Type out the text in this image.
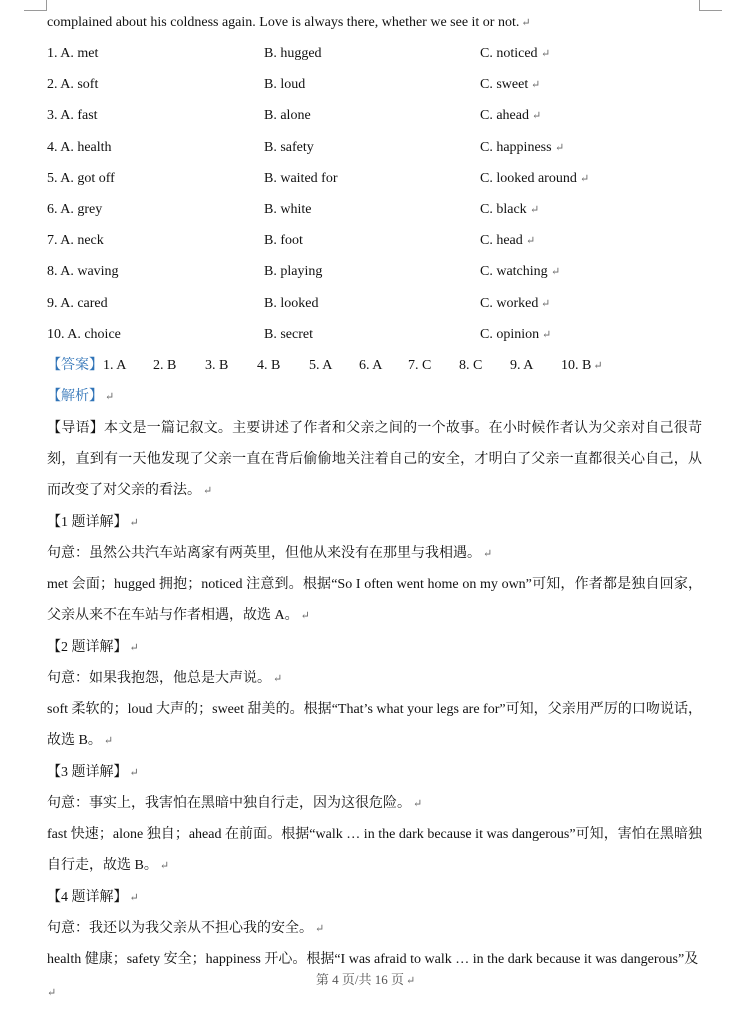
complained about his coldness again. Love is always there, whether we see it or not. ↵
1. A. met	B. hugged	C. noticed ↵
2. A. soft	B. loud	C. sweet ↵
3. A. fast	B. alone	C. ahead ↵
4. A. health	B. safety	C. happiness ↵
5. A. got off	B. waited for	C. looked around ↵
6. A. grey	B. white	C. black ↵
7. A. neck	B. foot	C. head ↵
8. A. waving	B. playing	C. watching ↵
9. A. cared	B. looked	C. worked ↵
10. A. choice	B. secret	C. opinion ↵
【答案】1. A 2. B 3. B 4. B 5. A 6. A 7. C 8. C 9. A 10. B ↵
【解析】 ↵
【导语】本文是一篇记叙文。主要讲述了作者和父亲之间的一个故事。在小时候作者认为父亲对自己很苛刻，直到有一天他发现了父亲一直在背后偷偷地关注着自己的安全，才明白了父亲一直都很关心自己，从而改变了对父亲的看法。 ↵
【1 题详解】 ↵
句意：虽然公共汽车站离家有两英里，但他从来没有在那里与我相遇。 ↵
met 会面；hugged 拥抱；noticed 注意到。根据“So I often went home on my own”可知，作者都是独自回家，父亲从来不在车站与作者相遇，故选 A。 ↵
【2 题详解】 ↵
句意：如果我抱怨，他总是大声说。 ↵
soft 柔软的；loud 大声的；sweet 甜美的。根据“That’s what your legs are for”可知，父亲用严厉的口吻说话，故选 B。 ↵
【3 题详解】 ↵
句意：事实上，我害怕在黑暗中独自行走，因为这很危险。 ↵
fast 快速；alone 独自；ahead 在前面。根据“walk … in the dark because it was dangerous”可知，害怕在黑暗独自行走，故选 B。 ↵
【4 题详解】 ↵
句意：我还以为我父亲从不担心我的安全。 ↵
health 健康；safety 安全；happiness 开心。根据“I was afraid to walk … in the dark because it was dangerous”及
第 4 页/共 16 页 ↵
↵
